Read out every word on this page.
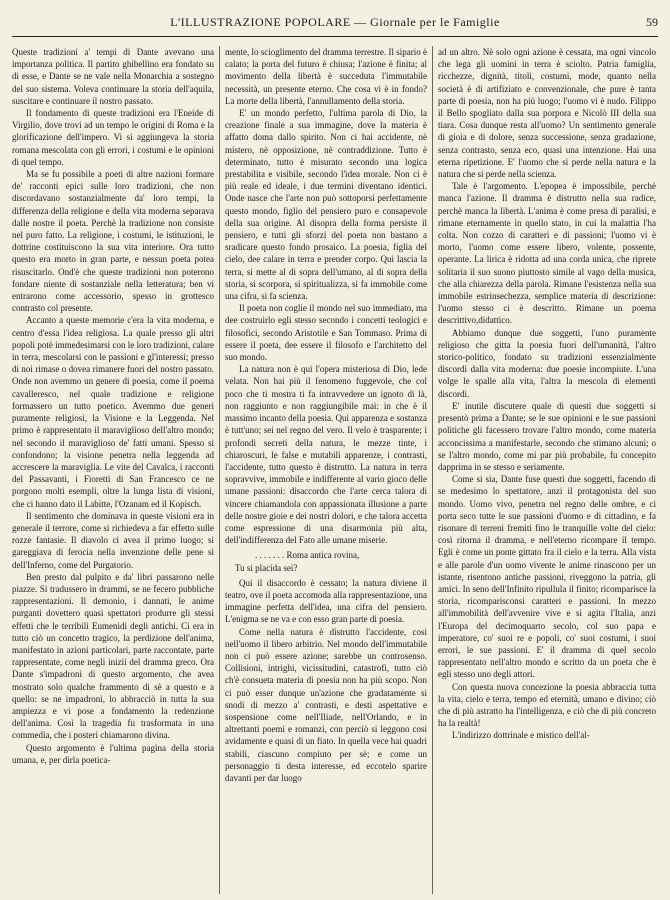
L'ILLUSTRAZIONE POPOLARE — Giornale per le Famiglie	59

Queste tradizioni a' tempi di Dante avevano una importanza politica. Il partito ghibellino era fondato su di esse, e Dante se ne vale nella Monarchia a sostegno del suo sistema. Voleva continuare la storia dell'aquila, suscitare e continuare il nostro passato.

Il fondamento di queste tradizioni era l'Eneide di Virgilio, dove trovi ad un tempo le origini di Roma e la glorificazione dell'impero. Vi si aggiungeva la storia romana mescolata con gli errori, i costumi e le opinioni di quel tempo.

Ma se fu possibile a poeti di altre nazioni formare de' racconti epici sulle loro tradizioni, che non discordavano sostanzialmente da' loro tempi, la differenza della religione e della vita moderna separava dalle nostre il poeta. Perchè la tradizione non consiste nel puro fatto. La religione, i costumi, le istituzioni, le dottrine costituiscono la sua vita interiore. Ora tutto questo era morto in gran parte, e nessun poeta potea risuscitarlo. Ond'è che queste tradizioni non poterono fondare niente di sostanziale nella letteratura; ben vi entrarono come accessorio, spesso in grottesco contrasto col presente.

Accanto a queste memorie c'era la vita moderna, e centro d'essa l'idea religiosa. La quale presso gli altri popoli potè immedesimarsi con le loro tradizioni, calare in terra, mescolarsi con le passioni e gl'interessi; presso di noi rimase o dovea rimanere fuori del nostro passato. Onde non avemmo un genere di poesia, come il poema cavalleresco, nel quale tradizione e religione formassero un tutto poetico. Avemmo due generi puramente religiosi, la Visione e la Leggenda. Nel primo è rappresentato il maraviglioso dell'altro mondo; nel secondo il maraviglioso de' fatti umani. Spesso si confondono; la visione penetra nella leggenda ad accrescere la maraviglia. Le vite del Cavalca, i racconti del Passavanti, i Fioretti di San Francesco ce ne porgono molti esempli, oltre la lunga lista di visioni, che ci hanno dato il Labitte, l'Ozanam ed il Kopisch.

Il sentimento che dominava in queste visioni era in generale il terrore, come si richiedeva a far effetto sulle rozze fantasie. Il diavolo ci avea il primo luogo; si gareggiava di ferocia nella invenzione delle pene sì dell'Inferno, come del Purgatorio.

Ben presto dal pulpito e da' libri passarono nelle piazze. Si tradussero in drammi, se ne fecero pubbliche rappresentazioni. Il demonio, i dannati, le anime purganti dovettero quasi spettatori produrre gli stessi effetti che le terribili Eumenidi degli antichi. Ci era in tutto ciò un concetto tragico, la perdizione dell'anima, manifestato in azioni particolari, parte raccontate, parte rappresentate, come negli inizii del dramma greco. Ora Dante s'impadronì di questo argomento, che avea mostrato solo qualche frammento di sè a questo e a quello: se ne impadronì, lo abbracciò in tutta la sua ampiezza e vi pose a fondamento la redenzione dell'anima. Così la tragedia fu trasformata in una commedia, che i posteri chiamarono divina.

Questo argomento è l'ultima pagina della storia umana, e, per dirla poetica-

mente, lo scioglimento del dramma terrestre. Il sipario è calato; la porta del futuro è chiusa; l'azione è finita; al movimento della libertà è succeduta l'immutabile necessità, un presente eterno. Che cosa vi è in fondo? La morte della libertà, l'annullamento della storia.

E' un mondo perfetto, l'ultima parola di Dio, la creazione finale a sua immagine, dove la materia è affatto doma dallo spirito. Non ci hai accidente, nè mistero, nè opposizione, nè contraddizione. Tutto è determinato, tutto è misurato secondo una logica prestabilita e visibile, secondo l'idea morale. Non ci è più reale ed ideale, i due termini diventano identici. Onde nasce che l'arte non può sottoporsi perfettamente questo mondo, figlio del pensiero puro e consapevole della sua origine. Al disopra della forma persiste il pensiero, e tutti gli sforzi del poeta non bastano a sradicare questo fondo prosaico. La poesia, figlia del cielo, dee calare in terra e prender corpo. Qui lascia la terra, si mette al di sopra dell'umano, al di sopra della storia, si scorpora, si spiritualizza, si fa immobile come una cifra, si fa scienza.

Il poeta non coglie il mondo nel suo immediato, ma dee costruirlo egli stesso secondo i concetti teologici e filosofici, secondo Aristotile e San Tommaso. Prima di essere il poeta, dee essere il filosofo e l'architetto del suo mondo.

La natura non è qui l'opera misteriosa di Dio, lede velata. Non hai più il fenomeno fuggevole, che col poco che ti mostra ti fa intravvedere un ignoto di là, non raggiunto e non raggiungibile mai: in che è il massimo incanto della poesia. Qui apparenza e sostanza è tutt'uno; sei nel regno del vero. Il velo è trasparente; i profondi secreti della natura, le mezze tinte, i chiaroscuri, le false e mutabili apparenze, i contrasti, l'accidente, tutto questo è distrutto. La natura in terra sopravvive, immobile e indifferente al vario gioco delle umane passioni: disaccordo che l'arte cerca talora di vincere chiamandola con appassionata illusione a parte delle nostre gioie e dei nostri dolori, e che talora accetta come espressione di una disarmonia più alta, dell'indifferenza del Fato alle umane miserie.

. . . . . . . Roma antica rovina,
Tu si placida sei?

Qui il disaccordo è cessato; la natura diviene il teatro, ove il poeta accomoda alla rappresentazione, una immagine perfetta dell'idea, una cifra del pensiero. L'enigma se ne va e con esso gran parte di poesia.

Come nella natura è distrutto l'accidente, così nell'uomo il libero arbitrio. Nel mondo dell'immutabile non ci può essere azione; sarebbe un controsenso. Collisioni, intrighi, vicissitudini, catastrofi, tutto ciò ch'è consueta materia di poesia non ha più scopo. Non ci può esser dunque un'azione che gradatamente si snodi di mezzo a' contrasti, e desti aspettative e sospensione come nell'Iliade, nell'Orlando, e in altrettanti poemi e romanzi, con perciò si leggono così avidamente e quasi di un fiato. In quella vece hai quadri stabili, ciascuno compiuto per sè; e come un personaggio ti desta interesse, ed eccotelo sparire davanti per dar luogo

ad un altro. Nè solo ogni azione è cessata, ma ogni vincolo che lega gli uomini in terra è sciolto. Patria famiglia, ricchezze, dignità, titoli, costumi, mode, quanto nella società è di artifiziato e convenzionale, che pure è tanta parte di poesia, non ha più luogo; l'uomo vi è nudo. Filippo il Bello spogliato dalla sua porpora e Nicolò III della sua tiara. Cosa dunque resta all'uomo? Un sentimento generale di gioia e di dolore, senza successione, senza gradazione, senza contrasto, senza eco, quasi una intenzione. Hai una eterna ripetizione. E' l'uomo che si perde nella natura e la natura che si perde nella scienza.

Tale è l'argomento. L'epopea è impossibile, perchè manca l'azione. Il dramma è distrutto nella sua radice, perchè manca la libertà. L'anima è come presa di paralisi, e rimane eternamente in quello stato, in cui la malattia l'ha colta. Non cozzo di caratteri e di passioni; l'uomo vi è morto, l'uomo come essere libero, volente, possente, operante. La lirica è ridotta ad una corda unica, che riprete solitaria il suo suono piuttosto simile al vago della musica, che alla chiarezza della parola. Rimane l'esistenza nella sua immobile estrinsechezza, semplice materia di descrizione: l'uomo stesso ci è descritto. Rimane un poema descrittivo,didattico.

Abbiamo dunque due soggetti, l'uno puramente religioso che gitta la poesia fuori dell'umanità, l'altro storico-politico, fondato su tradizioni essenzialmente discordi dalla vita moderna: due poesie incompiute. L'una volge le spalle alla vita, l'altra la mescola di elementi discordi.

E' inutile discutere quale di questi due soggetti si presentò prima a Dante; se le sue opinioni e le sue passioni politiche gli facessero trovare l'altro mondo, come materia acconcissima a manifestarle, secondo che stimano alcuni; o se l'altro mondo, come mi par più probabile, fu concepito dapprima in se stesso e seriamente.

Come si sia, Dante fuse questi due soggetti, facendo di se medesimo lo spettatore, anzi il protagonista del suo mondo. Uomo vivo, penetra nel regno delle ombre, e ci porta seco tutte le sue passioni d'uomo e di cittadino, e fa risonare di terreni fremiti fino le tranquille volte del cielo: così ritorna il dramma, e nell'eterno ricompare il tempo. Egli è come un ponte gittato fra il cielo e la terra. Alla vista e alle parole d'un uomo vivente le anime rinascono per un istante, risentono antiche passioni, riveggono la patria, gli amici. In seno dell'Infinito ripullula il finito; ricomparisce la storia, ricomparisconsi caratteri e passioni. In mezzo all'immobilità dell'avvenire vive e si agita l'Italia, anzi l'Europa del decimoquarto secolo, col suo papa e imperatore, co' suoi re e popoli, co' suoi costumi, i suoi errori, le sue passioni. E' il dramma di quel secolo rappresentato nell'altro mondo e scritto da un poeta che è egli stesso uno degli attori.

Con questa nuova concezione la poesia abbraccia tutta la vita, cielo e terra, tempo ed eternità, umano e divino; ciò che di più astratto ha l'intelligenza, e ciò che di più concreto ha la realtà!

L'indirizzo dottrinale e mistico dell'al-
